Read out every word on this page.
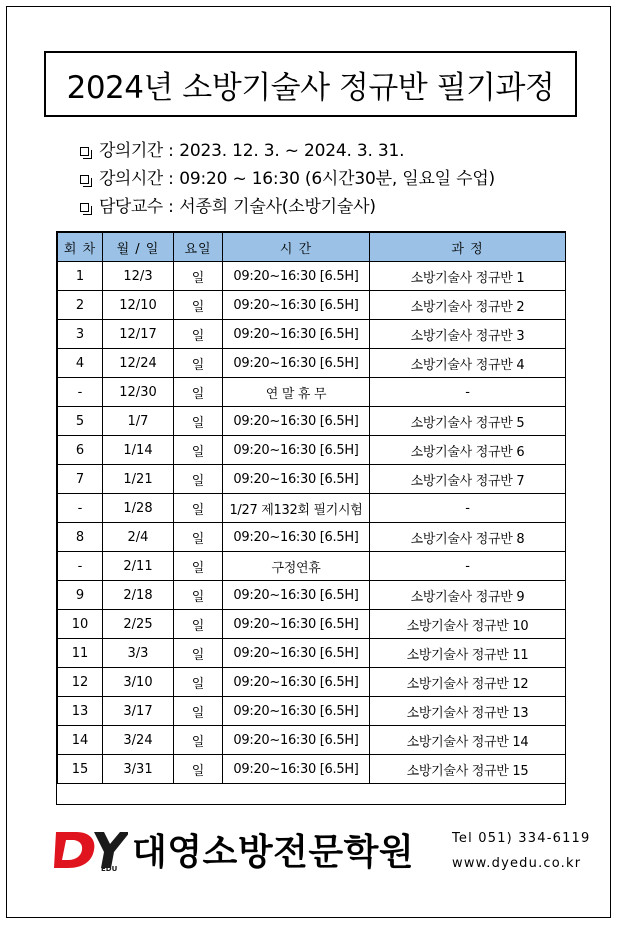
2024년 소방기술사 정규반 필기과정
강의기간 : 2023. 12. 3. ~ 2024. 3. 31.
강의시간 : 09:20 ~ 16:30 (6시간30분, 일요일 수업)
담당교수 : 서종희 기술사(소방기술사)
회 차	월 / 일	요일	시 간	과 정
1	12/3	일	09:20~16:30 [6.5H]	소방기술사 정규반 1
2	12/10	일	09:20~16:30 [6.5H]	소방기술사 정규반 2
3	12/17	일	09:20~16:30 [6.5H]	소방기술사 정규반 3
4	12/24	일	09:20~16:30 [6.5H]	소방기술사 정규반 4
-	12/30	일	연 말 휴 무	-
5	1/7	일	09:20~16:30 [6.5H]	소방기술사 정규반 5
6	1/14	일	09:20~16:30 [6.5H]	소방기술사 정규반 6
7	1/21	일	09:20~16:30 [6.5H]	소방기술사 정규반 7
-	1/28	일	1/27 제132회 필기시험	-
8	2/4	일	09:20~16:30 [6.5H]	소방기술사 정규반 8
-	2/11	일	구정연휴	-
9	2/18	일	09:20~16:30 [6.5H]	소방기술사 정규반 9
10	2/25	일	09:20~16:30 [6.5H]	소방기술사 정규반 10
11	3/3	일	09:20~16:30 [6.5H]	소방기술사 정규반 11
12	3/10	일	09:20~16:30 [6.5H]	소방기술사 정규반 12
13	3/17	일	09:20~16:30 [6.5H]	소방기술사 정규반 13
14	3/24	일	09:20~16:30 [6.5H]	소방기술사 정규반 14
15	3/31	일	09:20~16:30 [6.5H]	소방기술사 정규반 15
EDU 대영소방전문학원	Tel 051) 334-6119
www.dyedu.co.kr
